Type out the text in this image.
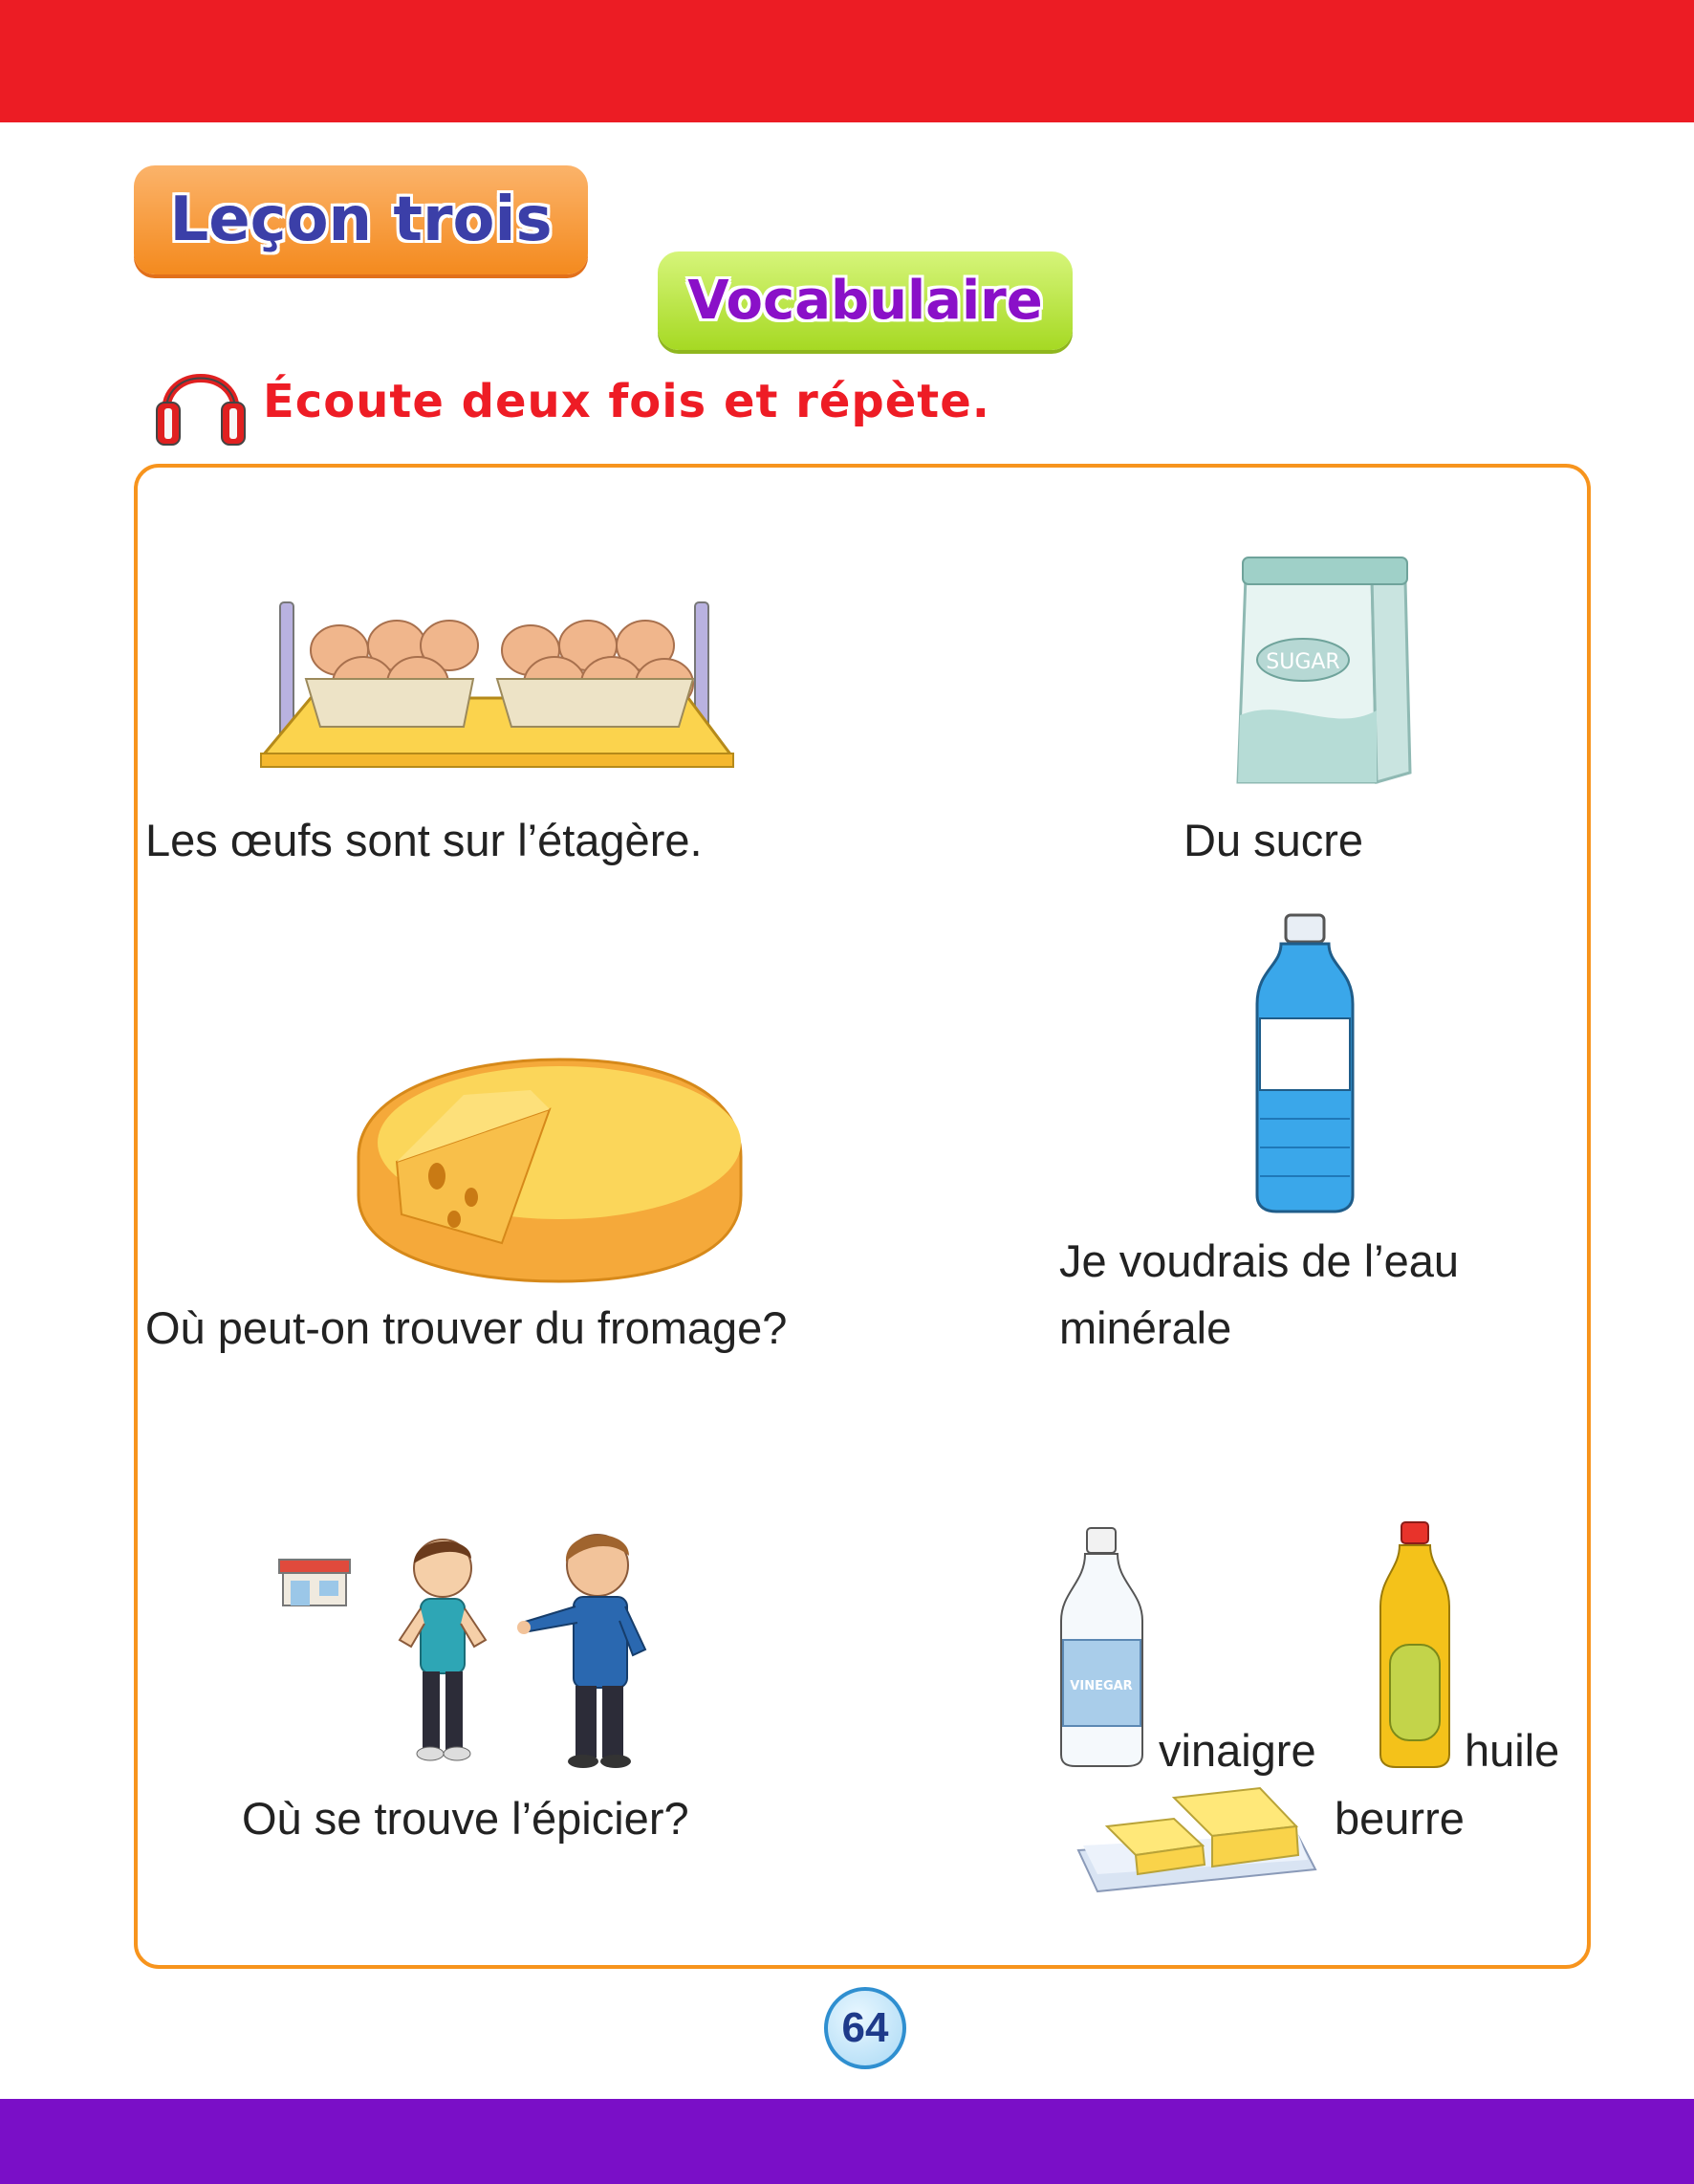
Leçon trois
Vocabulaire
Écoute deux fois et répète.
Les œufs sont sur l’étagère.
SUGAR
Du sucre
Où peut-on trouver du fromage?
Je voudrais de l’eau
minérale
Où se trouve l’épicier?
VINEGAR
vinaigre	huile
beurre
64
